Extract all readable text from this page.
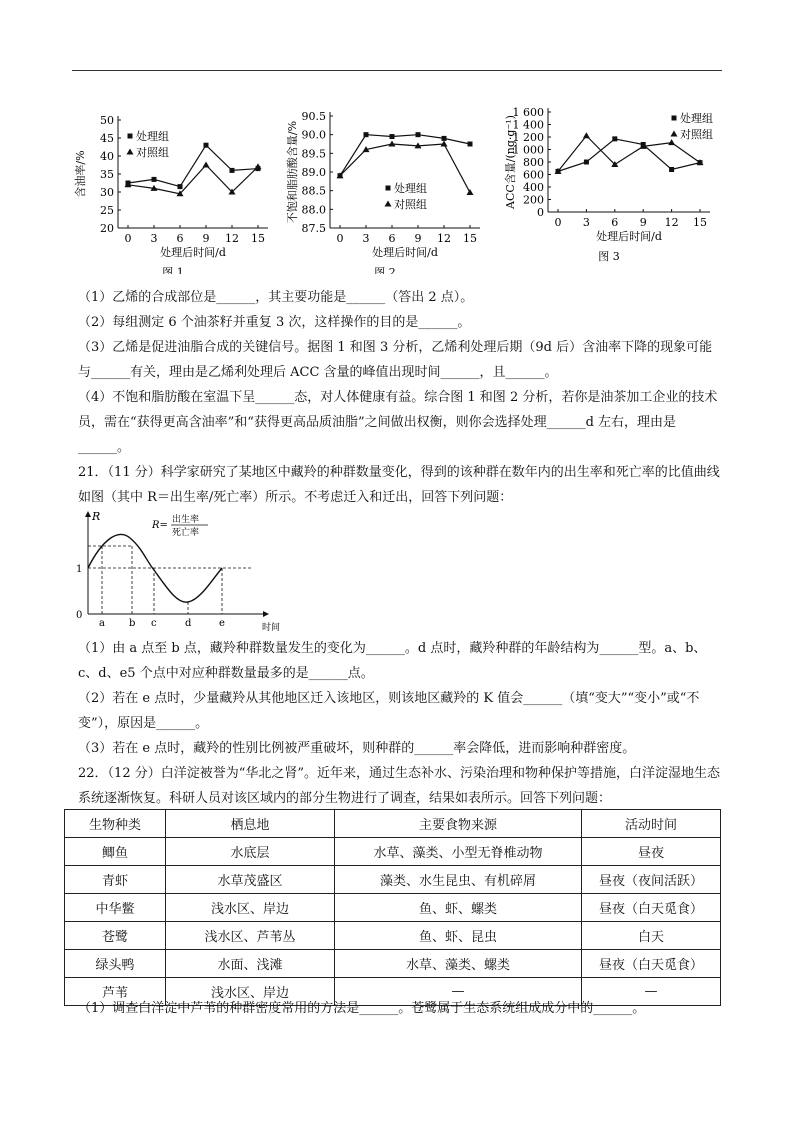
20
25
30
35
40
45
50
0 3 6 9 12 15
处理后时间/d
含油率/%
图 1
处理组
对照组
87.5
88.0
88.5
89.0
89.5
90.0
90.5
0 3 6 9 12 15
处理后时间/d
不饱和脂肪酸含量/%
图 2
处理组
对照组
0
200
400
600
800
1 000
1 200
1 400
1 600
0 3 6 9 12 15
处理后时间/d
ACC含量/(ng·g⁻¹)
图 3
处理组
对照组
（1）乙烯的合成部位是______，其主要功能是______（答出 2 点）。
（2）每组测定 6 个油茶籽并重复 3 次，这样操作的目的是______。
（3）乙烯是促进油脂合成的关键信号。据图 1 和图 3 分析，乙烯利处理后期（9d 后）含油率下降的现象可能与______有关，理由是乙烯利处理后 ACC 含量的峰值出现时间______，且______。
（4）不饱和脂肪酸在室温下呈______态，对人体健康有益。综合图 1 和图 2 分析，若你是油茶加工企业的技术员，需在“获得更高含油率”和“获得更高品质油脂”之间做出权衡，则你会选择处理______d 左右，理由是______。
21．（11 分）科学家研究了某地区中藏羚的种群数量变化，得到的该种群在数年内的出生率和死亡率的比值曲线如图（其中 R＝出生率/死亡率）所示。不考虑迁入和迁出，回答下列问题：
R
时间
1
0
a b c	d	e
R= 出生率
死亡率
（1）由 a 点至 b 点，藏羚种群数量发生的变化为______。d 点时，藏羚种群的年龄结构为______型。a、b、c、d、e5 个点中对应种群数量最多的是______点。
（2）若在 e 点时，少量藏羚从其他地区迁入该地区，则该地区藏羚的 K 值会______（填“变大”“变小”或“不变”），原因是______。
（3）若在 e 点时，藏羚的性别比例被严重破坏，则种群的______率会降低，进而影响种群密度。
22．（12 分）白洋淀被誉为“华北之肾”。近年来，通过生态补水、污染治理和物种保护等措施，白洋淀湿地生态系统逐渐恢复。科研人员对该区域内的部分生物进行了调查，结果如表所示。回答下列问题：
生物种类	栖息地	主要食物来源	活动时间
鲫鱼	水底层	水草、藻类、小型无脊椎动物	昼夜
青虾	水草茂盛区	藻类、水生昆虫、有机碎屑	昼夜（夜间活跃）
中华鳖	浅水区、岸边	鱼、虾、螺类	昼夜（白天觅食）
苍鹭	浅水区、芦苇丛	鱼、虾、昆虫	白天
绿头鸭	水面、浅滩	水草、藻类、螺类	昼夜（白天觅食）
芦苇	浅水区、岸边	—	—
（1）调查白洋淀中芦苇的种群密度常用的方法是______。苍鹭属于生态系统组成成分中的______。
